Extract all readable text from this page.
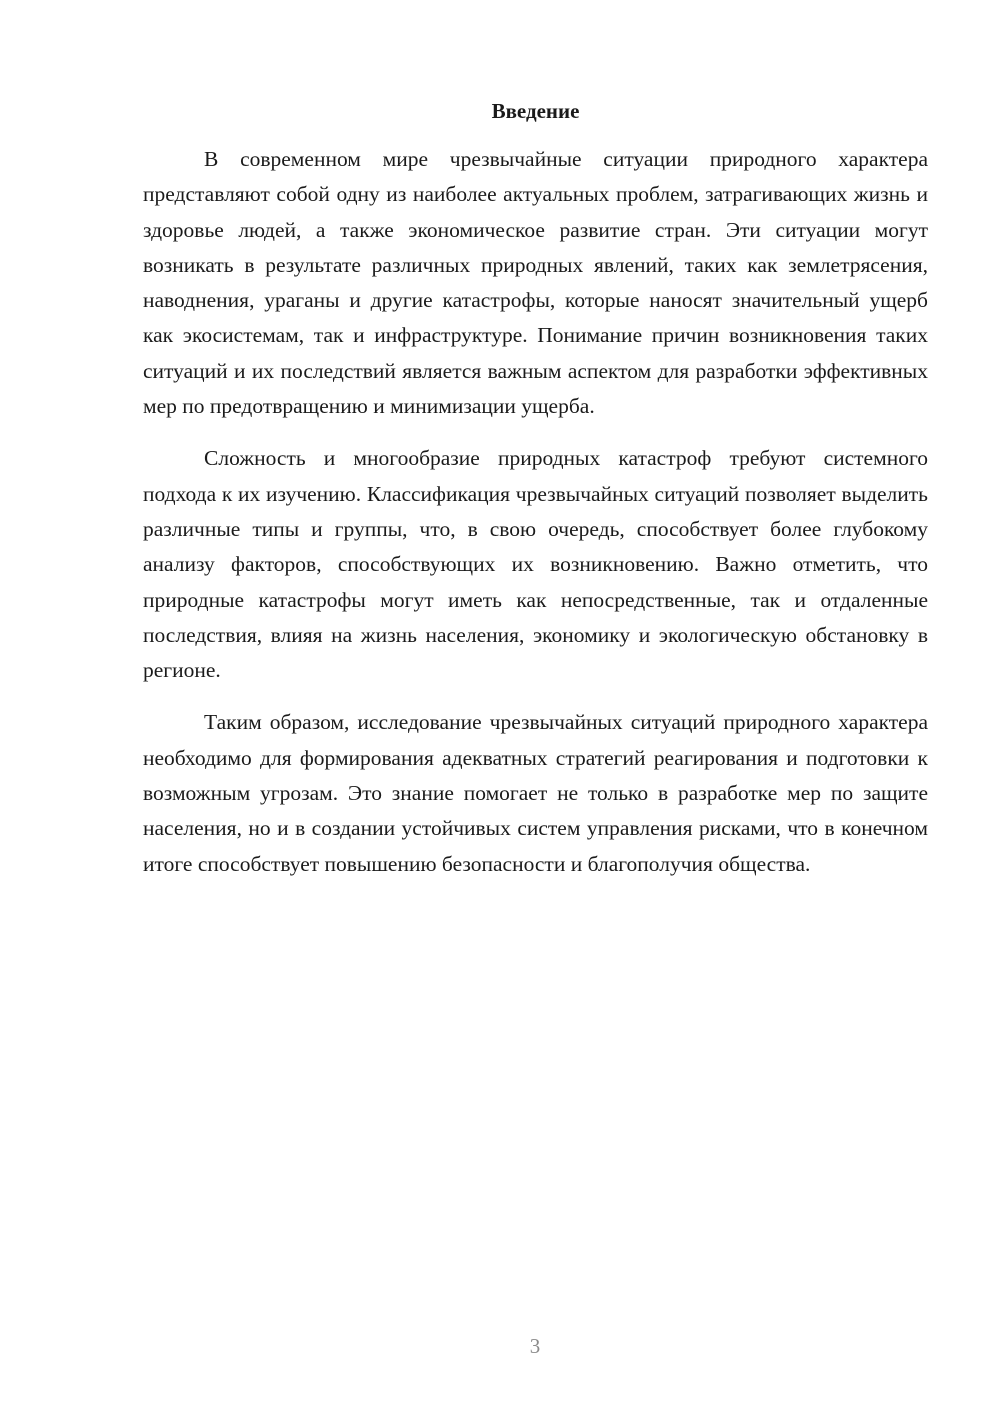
Введение

В современном мире чрезвычайные ситуации природного характера представляют собой одну из наиболее актуальных проблем, затрагивающих жизнь и здоровье людей, а также экономическое развитие стран. Эти ситуации могут возникать в результате различных природных явлений, таких как землетрясения, наводнения, ураганы и другие катастрофы, которые наносят значительный ущерб как экосистемам, так и инфраструктуре. Понимание причин возникновения таких ситуаций и их последствий является важным аспектом для разработки эффективных мер по предотвращению и минимизации ущерба.

Сложность и многообразие природных катастроф требуют системного подхода к их изучению. Классификация чрезвычайных ситуаций позволяет выделить различные типы и группы, что, в свою очередь, способствует более глубокому анализу факторов, способствующих их возникновению. Важно отметить, что природные катастрофы могут иметь как непосредственные, так и отдаленные последствия, влияя на жизнь населения, экономику и экологическую обстановку в регионе.

Таким образом, исследование чрезвычайных ситуаций природного характера необходимо для формирования адекватных стратегий реагирования и подготовки к возможным угрозам. Это знание помогает не только в разработке мер по защите населения, но и в создании устойчивых систем управления рисками, что в конечном итоге способствует повышению безопасности и благополучия общества.

3
